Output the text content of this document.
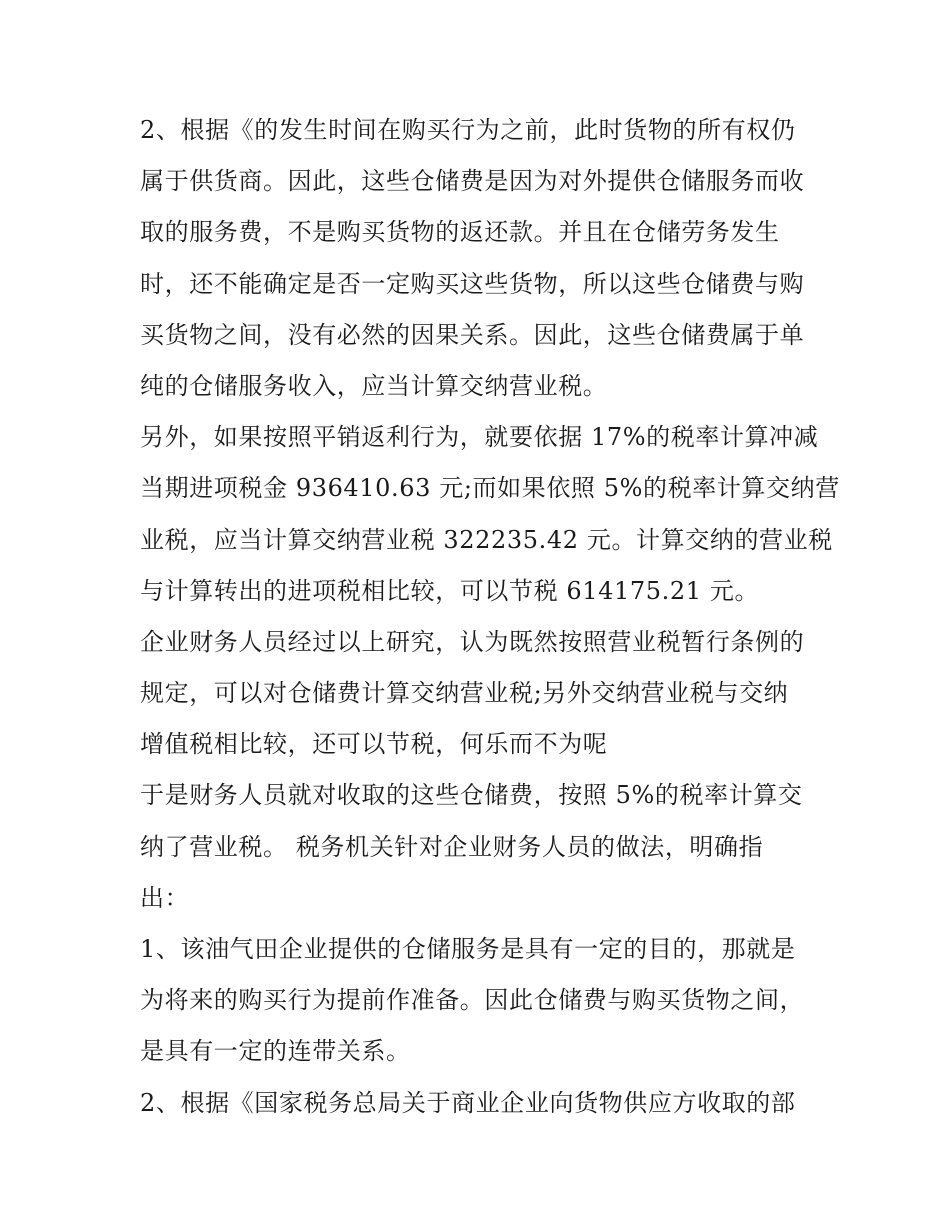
2、根据《的发生时间在购买行为之前，此时货物的所有权仍
属于供货商。因此，这些仓储费是因为对外提供仓储服务而收
取的服务费，不是购买货物的返还款。并且在仓储劳务发生
时，还不能确定是否一定购买这些货物，所以这些仓储费与购
买货物之间，没有必然的因果关系。因此，这些仓储费属于单
纯的仓储服务收入，应当计算交纳营业税。
另外，如果按照平销返利行为，就要依据 17%的税率计算冲减
当期进项税金 936410.63 元;而如果依照 5%的税率计算交纳营
业税，应当计算交纳营业税 322235.42 元。计算交纳的营业税
与计算转出的进项税相比较，可以节税 614175.21 元。
企业财务人员经过以上研究，认为既然按照营业税暂行条例的
规定，可以对仓储费计算交纳营业税;另外交纳营业税与交纳
增值税相比较，还可以节税，何乐而不为呢
于是财务人员就对收取的这些仓储费，按照 5%的税率计算交
纳了营业税。 税务机关针对企业财务人员的做法，明确指
出：
1、该油气田企业提供的仓储服务是具有一定的目的，那就是
为将来的购买行为提前作准备。因此仓储费与购买货物之间，
是具有一定的连带关系。
2、根据《国家税务总局关于商业企业向货物供应方收取的部
